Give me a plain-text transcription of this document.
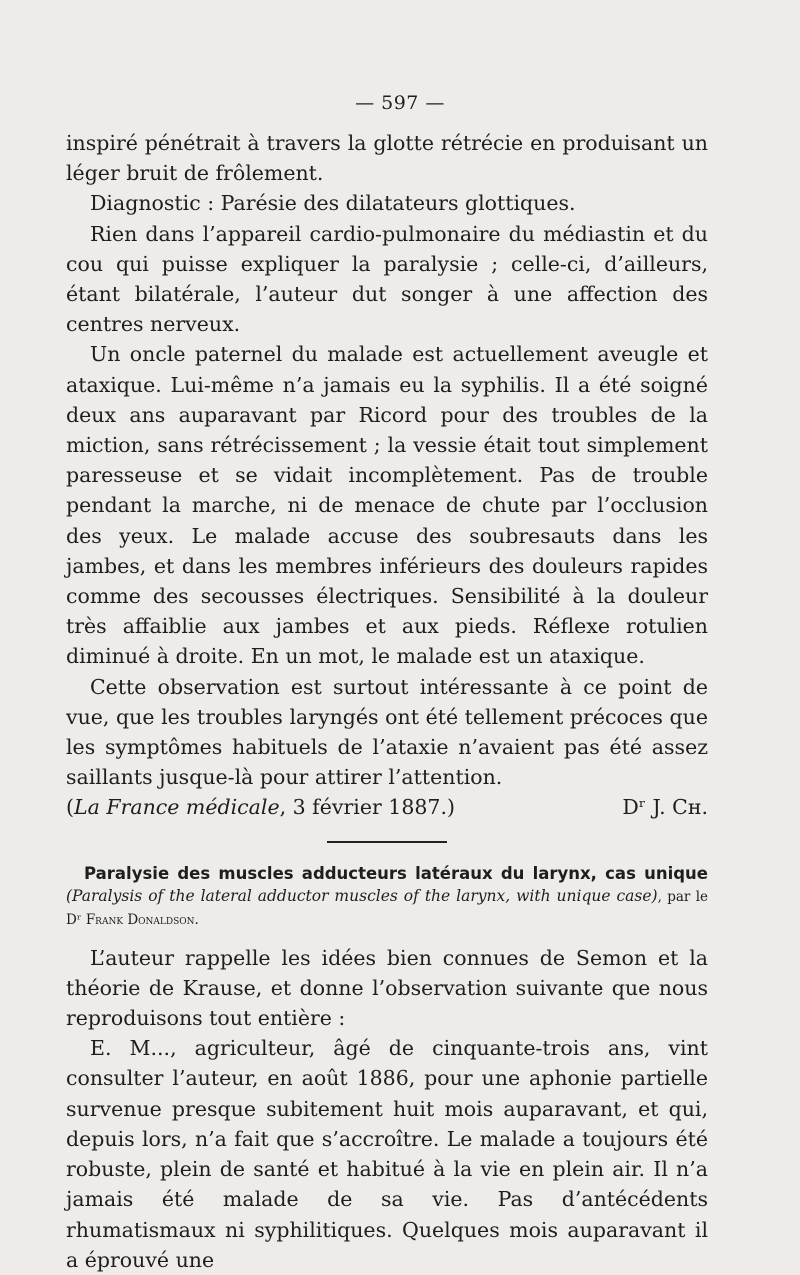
— 597 —

inspiré pénétrait à travers la glotte rétrécie en produisant un léger bruit de frôlement.

Diagnostic : Parésie des dilatateurs glottiques.

Rien dans l’appareil cardio-pulmonaire du médiastin et du cou qui puisse expliquer la paralysie ; celle-ci, d’ailleurs, étant bilatérale, l’auteur dut songer à une affection des centres nerveux.

Un oncle paternel du malade est actuellement aveugle et ataxique. Lui-même n’a jamais eu la syphilis. Il a été soigné deux ans auparavant par Ricord pour des troubles de la miction, sans rétrécissement ; la vessie était tout simplement paresseuse et se vidait incomplètement. Pas de trouble pendant la marche, ni de menace de chute par l’occlusion des yeux. Le malade accuse des soubresauts dans les jambes, et dans les membres inférieurs des douleurs rapides comme des secousses électriques. Sensibilité à la douleur très affaiblie aux jambes et aux pieds. Réflexe rotulien diminué à droite. En un mot, le malade est un ataxique.

Cette observation est surtout intéressante à ce point de vue, que les troubles laryngés ont été tellement précoces que les symptômes habituels de l’ataxie n’avaient pas été assez saillants jusque-là pour attirer l’attention.

(La France médicale, 3 février 1887.)	Dʳ J. Cʜ.
Paralysie des muscles adducteurs latéraux du larynx, cas unique (Paralysis of the lateral adductor muscles of the larynx, with unique case), par le Dʳ Frank Donaldson.

L’auteur rappelle les idées bien connues de Semon et la théorie de Krause, et donne l’observation suivante que nous reproduisons tout entière :

E. M..., agriculteur, âgé de cinquante-trois ans, vint consulter l’auteur, en août 1886, pour une aphonie partielle survenue presque subitement huit mois auparavant, et qui, depuis lors, n’a fait que s’accroître. Le malade a toujours été robuste, plein de santé et habitué à la vie en plein air. Il n’a jamais été malade de sa vie. Pas d’antécédents rhumatismaux ni syphilitiques. Quelques mois auparavant il a éprouvé une
